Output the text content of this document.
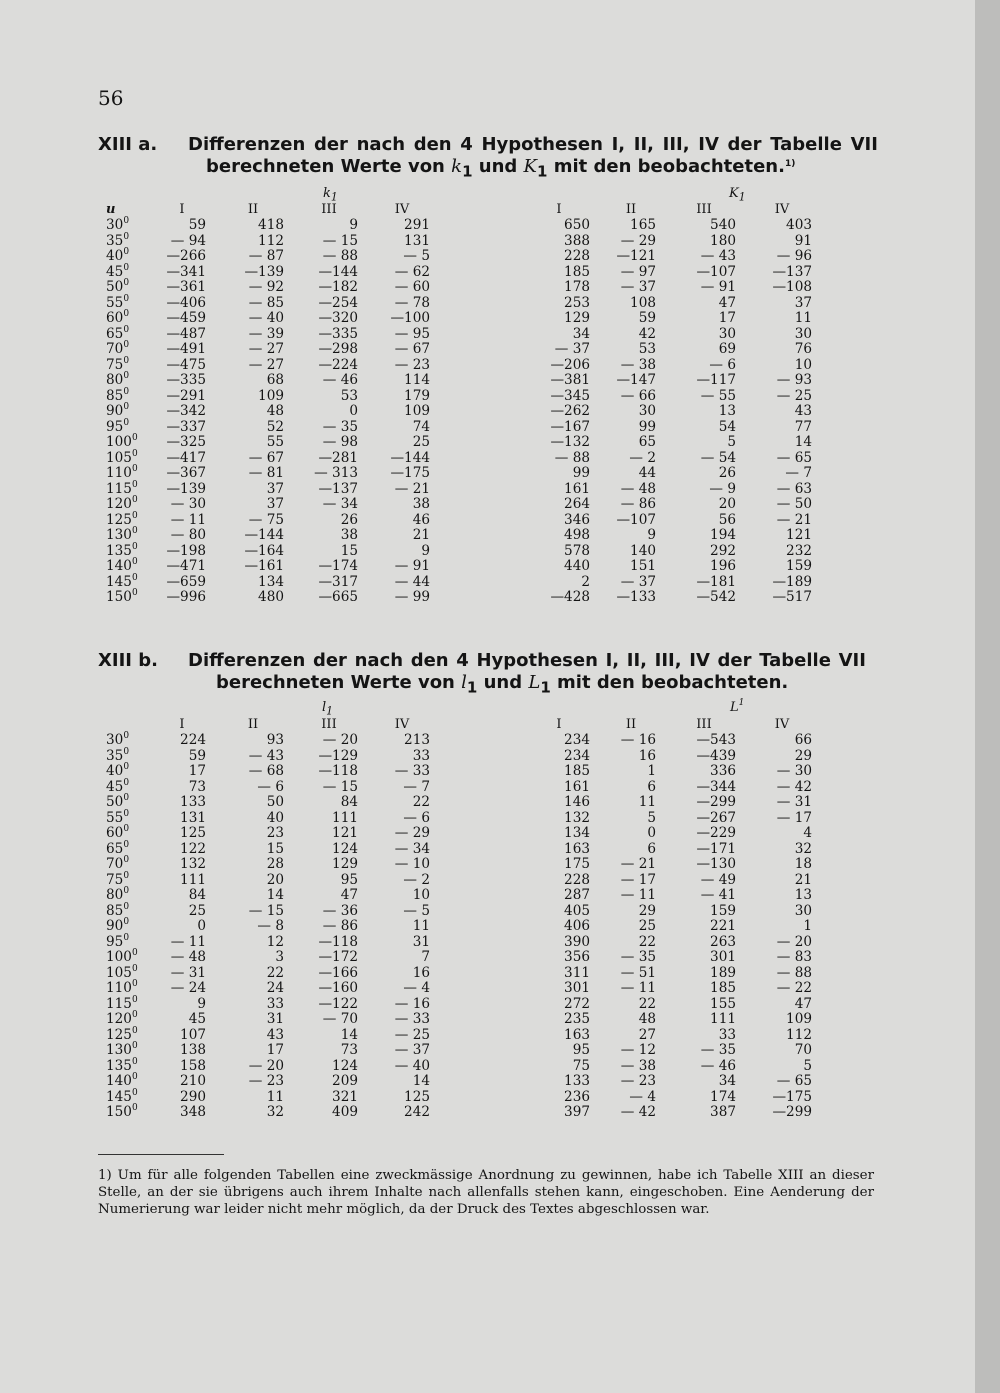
56
XIII a.	Differenzen der nach den 4 Hypothesen I, II, III, IV der Tabelle VII
berechneten Werte von $k_1$ und $K_1$ mit den beobachteten.$^{1)}$
$k_1$	$K_1$
u	I	II	III	IV		I	II	III	IV
$30^0$	59	418	9	291		650	165	540	403
$35^0$	— 94	112	— 15	131		388	— 29	180	91
$40^0$	—266	— 87	— 88	— 5		228	—121	— 43	— 96
$45^0$	—341	—139	—144	— 62		185	— 97	—107	—137
$50^0$	—361	— 92	—182	— 60		178	— 37	— 91	—108
$55^0$	—406	— 85	—254	— 78		253	108	47	37
$60^0$	—459	— 40	—320	—100		129	59	17	11
$65^0$	—487	— 39	—335	— 95		34	42	30	30
$70^0$	—491	— 27	—298	— 67		— 37	53	69	76
$75^0$	—475	— 27	—224	— 23		—206	— 38	— 6	10
$80^0$	—335	68	— 46	114		—381	—147	—117	— 93
$85^0$	—291	109	53	179		—345	— 66	— 55	— 25
$90^0$	—342	48	0	109		—262	30	13	43
$95^0$	—337	52	— 35	74		—167	99	54	77
$100^0$	—325	55	— 98	25		—132	65	5	14
$105^0$	—417	— 67	—281	—144		— 88	— 2	— 54	— 65
$110^0$	—367	— 81	— 313	—175		99	44	26	— 7
$115^0$	—139	37	—137	— 21		161	— 48	— 9	— 63
$120^0$	— 30	37	— 34	38		264	— 86	20	— 50
$125^0$	— 11	— 75	26	46		346	—107	56	— 21
$130^0$	— 80	—144	38	21		498	9	194	121
$135^0$	—198	—164	15	9		578	140	292	232
$140^0$	—471	—161	—174	— 91		440	151	196	159
$145^0$	—659	134	—317	— 44		2	— 37	—181	—189
$150^0$	—996	480	—665	— 99		—428	—133	—542	—517
XIII b.	Differenzen der nach den 4 Hypothesen I, II, III, IV der Tabelle VII
berechneten Werte von $l_1$ und $L_1$ mit den beobachteten.
$l_1$	$L^1$
	I	II	III	IV		I	II	III	IV
$30^0$	224	93	— 20	213		234	— 16	—543	66
$35^0$	59	— 43	—129	33		234	16	—439	29
$40^0$	17	— 68	—118	— 33		185	1	336	— 30
$45^0$	73	— 6	— 15	— 7		161	6	—344	— 42
$50^0$	133	50	84	22		146	11	—299	— 31
$55^0$	131	40	111	— 6		132	5	—267	— 17
$60^0$	125	23	121	— 29		134	0	—229	4
$65^0$	122	15	124	— 34		163	6	—171	32
$70^0$	132	28	129	— 10		175	— 21	—130	18
$75^0$	111	20	95	— 2		228	— 17	— 49	21
$80^0$	84	14	47	10		287	— 11	— 41	13
$85^0$	25	— 15	— 36	— 5		405	29	159	30
$90^0$	0	— 8	— 86	11		406	25	221	1
$95^0$	— 11	12	—118	31		390	22	263	— 20
$100^0$	— 48	3	—172	7		356	— 35	301	— 83
$105^0$	— 31	22	—166	16		311	— 51	189	— 88
$110^0$	— 24	24	—160	— 4		301	— 11	185	— 22
$115^0$	9	33	—122	— 16		272	22	155	47
$120^0$	45	31	— 70	— 33		235	48	111	109
$125^0$	107	43	14	— 25		163	27	33	112
$130^0$	138	17	73	— 37		95	— 12	— 35	70
$135^0$	158	— 20	124	— 40		75	— 38	— 46	5
$140^0$	210	— 23	209	14		133	— 23	34	— 65
$145^0$	290	11	321	125		236	— 4	174	—175
$150^0$	348	32	409	242		397	— 42	387	—299
1) Um für alle folgenden Tabellen eine zweckmässige Anordnung zu gewinnen, habe ich Tabelle XIII an dieser Stelle, an der sie übrigens auch ihrem Inhalte nach allenfalls stehen kann, eingeschoben. Eine Aenderung der Numerierung war leider nicht mehr möglich, da der Druck des Textes abgeschlossen war.
